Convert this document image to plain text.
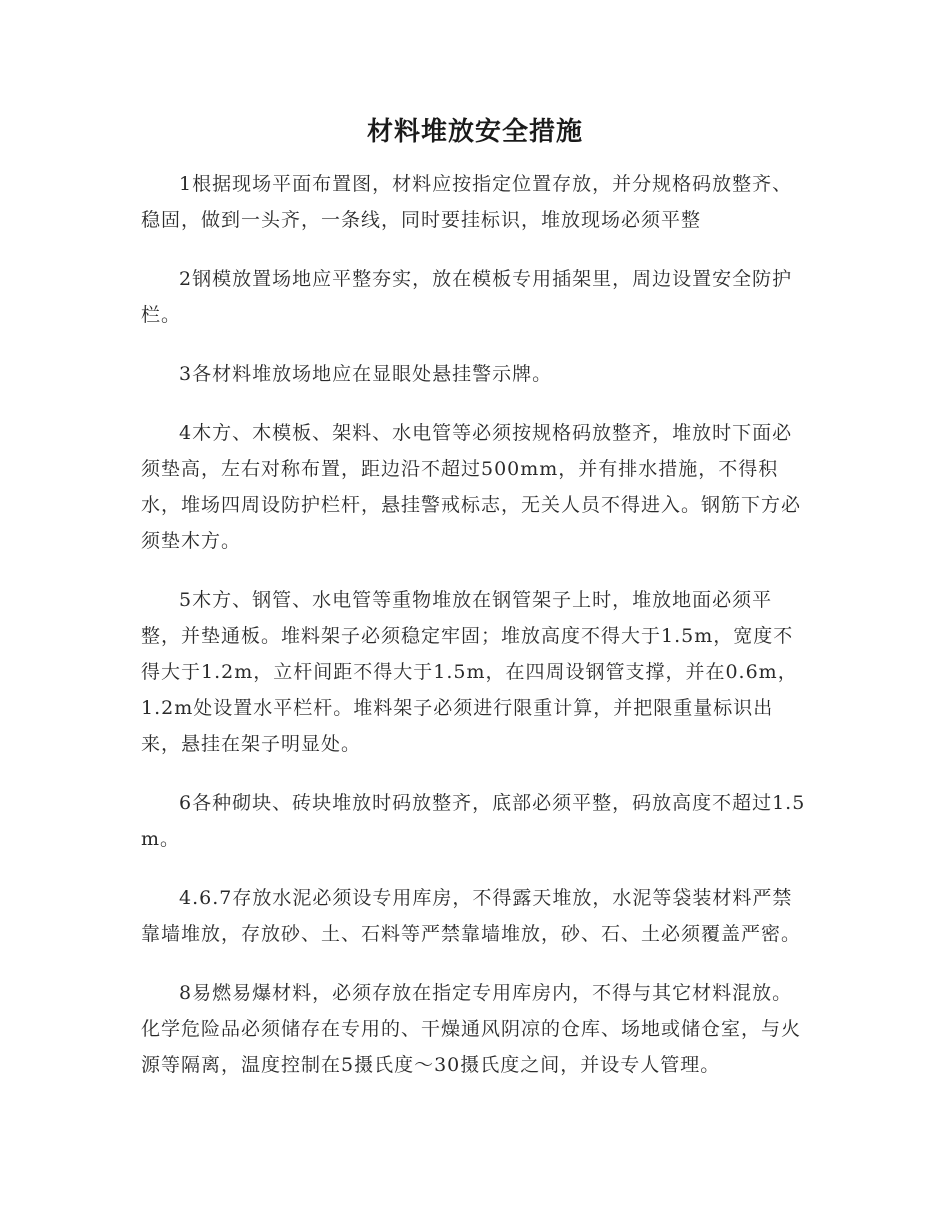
材料堆放安全措施

1根据现场平面布置图，材料应按指定位置存放，并分规格码放整齐、稳固，做到一头齐，一条线，同时要挂标识，堆放现场必须平整

2钢模放置场地应平整夯实，放在模板专用插架里，周边设置安全防护栏。

3各材料堆放场地应在显眼处悬挂警示牌。

4木方、木模板、架料、水电管等必须按规格码放整齐，堆放时下面必须垫高，左右对称布置，距边沿不超过500mm，并有排水措施，不得积水，堆场四周设防护栏杆，悬挂警戒标志，无关人员不得进入。钢筋下方必须垫木方。

5木方、钢管、水电管等重物堆放在钢管架子上时，堆放地面必须平整，并垫通板。堆料架子必须稳定牢固；堆放高度不得大于1.5m，宽度不得大于1.2m，立杆间距不得大于1.5m，在四周设钢管支撑，并在0.6m，1.2m处设置水平栏杆。堆料架子必须进行限重计算，并把限重量标识出来，悬挂在架子明显处。

6各种砌块、砖块堆放时码放整齐，底部必须平整，码放高度不超过1.5m。

4.6.7存放水泥必须设专用库房，不得露天堆放，水泥等袋装材料严禁靠墙堆放，存放砂、土、石料等严禁靠墙堆放，砂、石、土必须覆盖严密。

8易燃易爆材料，必须存放在指定专用库房内，不得与其它材料混放。化学危险品必须储存在专用的、干燥通风阴凉的仓库、场地或储仓室，与火源等隔离，温度控制在5摄氏度～30摄氏度之间，并设专人管理。
